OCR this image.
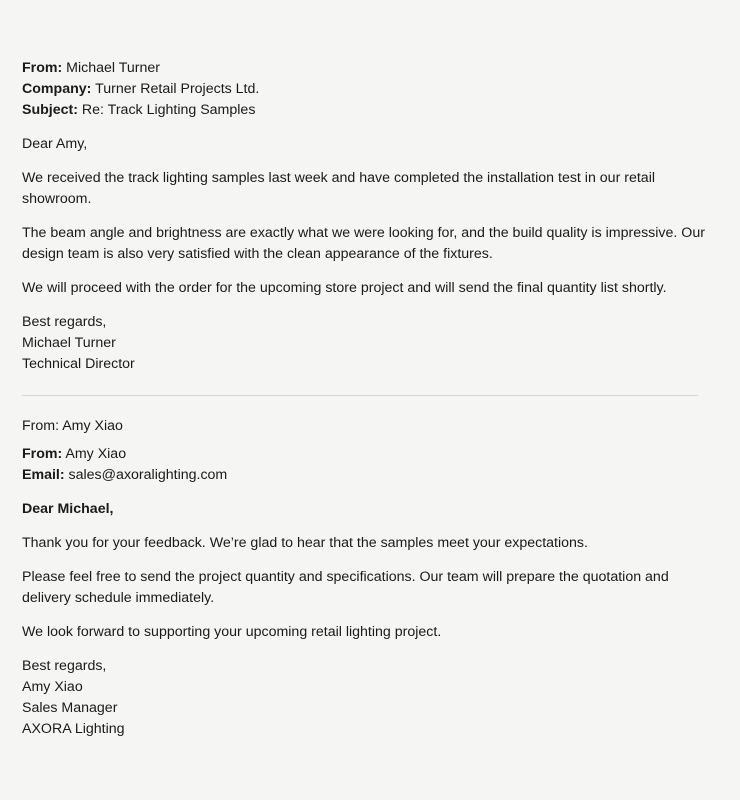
From: Michael Turner
Company: Turner Retail Projects Ltd.
Subject: Re: Track Lighting Samples

Dear Amy,

We received the track lighting samples last week and have completed the installation test in our retail showroom.

The beam angle and brightness are exactly what we were looking for, and the build quality is impressive. Our design team is also very satisfied with the clean appearance of the fixtures.

We will proceed with the order for the upcoming store project and will send the final quantity list shortly.

Best regards,
Michael Turner
Technical Director
From: Amy Xiao
From: Amy Xiao
Email: sales@axoralighting.com

Dear Michael,

Thank you for your feedback. We’re glad to hear that the samples meet your expectations.

Please feel free to send the project quantity and specifications. Our team will prepare the quotation and delivery schedule immediately.

We look forward to supporting your upcoming retail lighting project.

Best regards,
Amy Xiao
Sales Manager
AXORA Lighting
